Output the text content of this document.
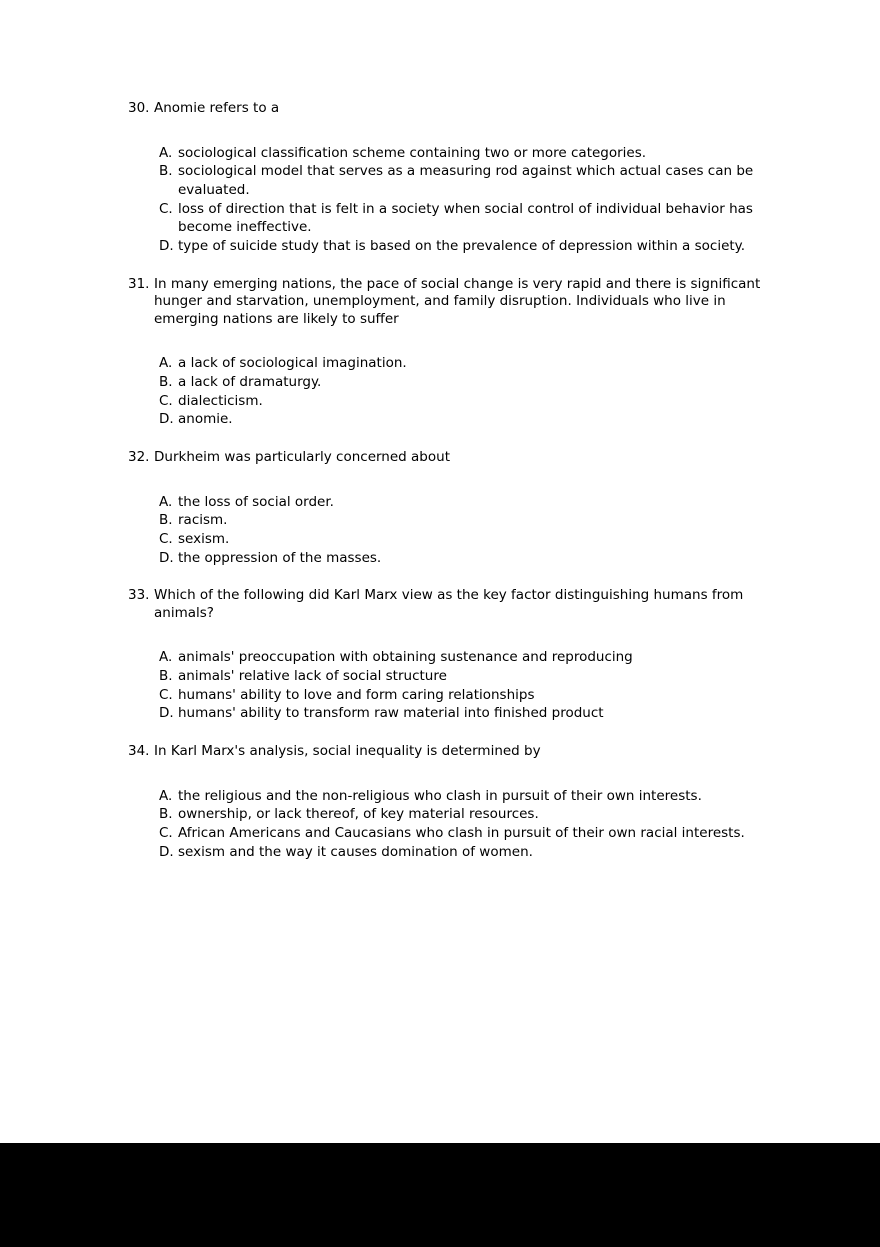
30. Anomie refers to a
A. sociological classification scheme containing two or more categories.
B. sociological model that serves as a measuring rod against which actual cases can be evaluated.
C. loss of direction that is felt in a society when social control of individual behavior has become ineffective.
D. type of suicide study that is based on the prevalence of depression within a society.
31. In many emerging nations, the pace of social change is very rapid and there is significant hunger and starvation, unemployment, and family disruption. Individuals who live in emerging nations are likely to suffer
A. a lack of sociological imagination.
B. a lack of dramaturgy.
C. dialecticism.
D. anomie.
32. Durkheim was particularly concerned about
A. the loss of social order.
B. racism.
C. sexism.
D. the oppression of the masses.
33. Which of the following did Karl Marx view as the key factor distinguishing humans from animals?
A. animals' preoccupation with obtaining sustenance and reproducing
B. animals' relative lack of social structure
C. humans' ability to love and form caring relationships
D. humans' ability to transform raw material into finished product
34. In Karl Marx's analysis, social inequality is determined by
A. the religious and the non-religious who clash in pursuit of their own interests.
B. ownership, or lack thereof, of key material resources.
C. African Americans and Caucasians who clash in pursuit of their own racial interests.
D. sexism and the way it causes domination of women.
